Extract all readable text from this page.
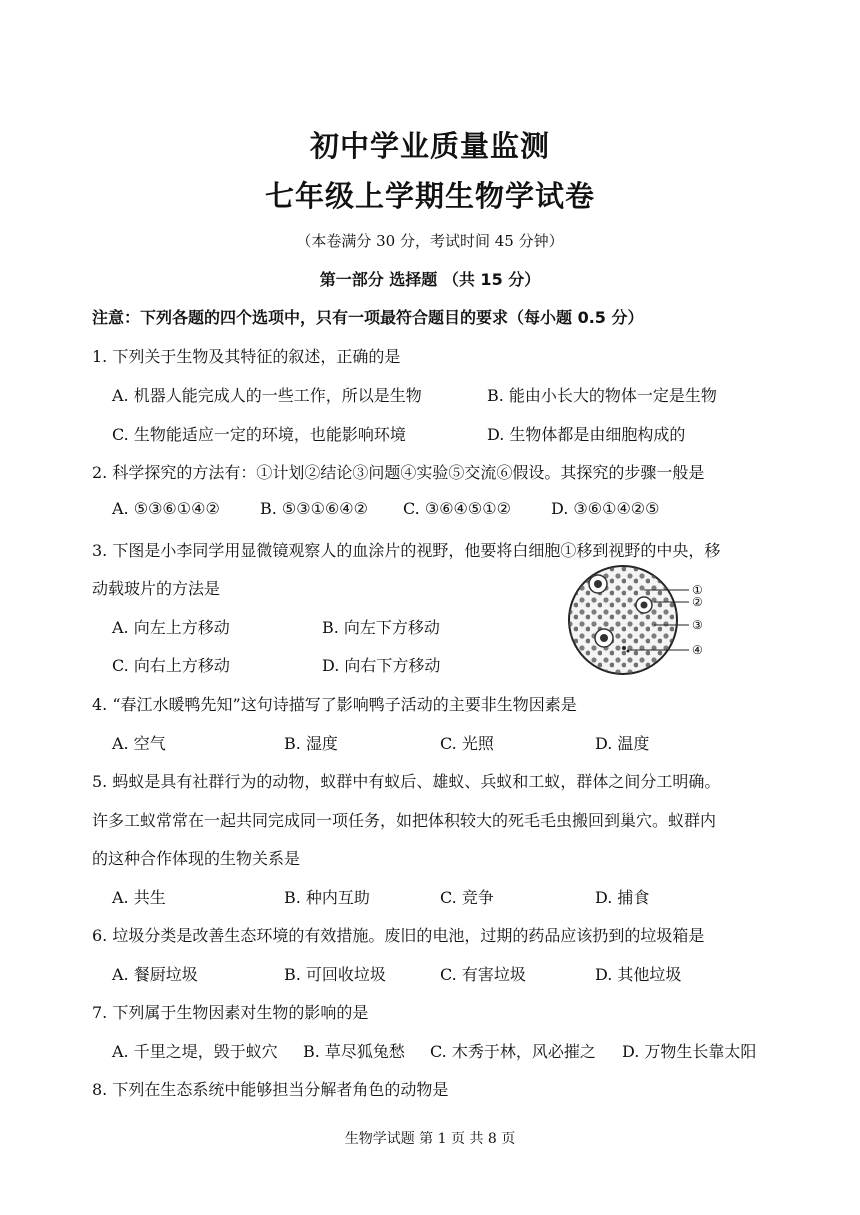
初中学业质量监测
七年级上学期生物学试卷
（本卷满分 30 分，考试时间 45 分钟）
第一部分 选择题 （共 15 分）
注意：下列各题的四个选项中，只有一项最符合题目的要求（每小题 0.5 分）
1. 下列关于生物及其特征的叙述，正确的是
A. 机器人能完成人的一些工作，所以是生物	B. 能由小长大的物体一定是生物
C. 生物能适应一定的环境，也能影响环境	D. 生物体都是由细胞构成的
2. 科学探究的方法有：①计划②结论③问题④实验⑤交流⑥假设。其探究的步骤一般是
A. ⑤③⑥①④②	B. ⑤③①⑥④② C. ③⑥④⑤①②	D. ③⑥①④②⑤
3. 下图是小李同学用显微镜观察人的血涂片的视野，他要将白细胞①移到视野的中央，移
动载玻片的方法是
A. 向左上方移动	B. 向左下方移动
C. 向右上方移动	D. 向右下方移动
①
②
③
④
4. “春江水暖鸭先知”这句诗描写了影响鸭子活动的主要非生物因素是
A. 空气	B. 湿度	C. 光照	D. 温度
5. 蚂蚁是具有社群行为的动物，蚁群中有蚁后、雄蚁、兵蚁和工蚁，群体之间分工明确。
许多工蚁常常在一起共同完成同一项任务，如把体积较大的死毛毛虫搬回到巢穴。蚁群内
的这种合作体现的生物关系是
A. 共生	B. 种内互助	C. 竞争	D. 捕食
6. 垃圾分类是改善生态环境的有效措施。废旧的电池，过期的药品应该扔到的垃圾箱是
A. 餐厨垃圾	B. 可回收垃圾	C. 有害垃圾	D. 其他垃圾
7. 下列属于生物因素对生物的影响的是
A. 千里之堤，毁于蚁穴 B. 草尽狐兔愁 C. 木秀于林，风必摧之 D. 万物生长靠太阳
8. 下列在生态系统中能够担当分解者角色的动物是
生物学试题 第 1 页 共 8 页
